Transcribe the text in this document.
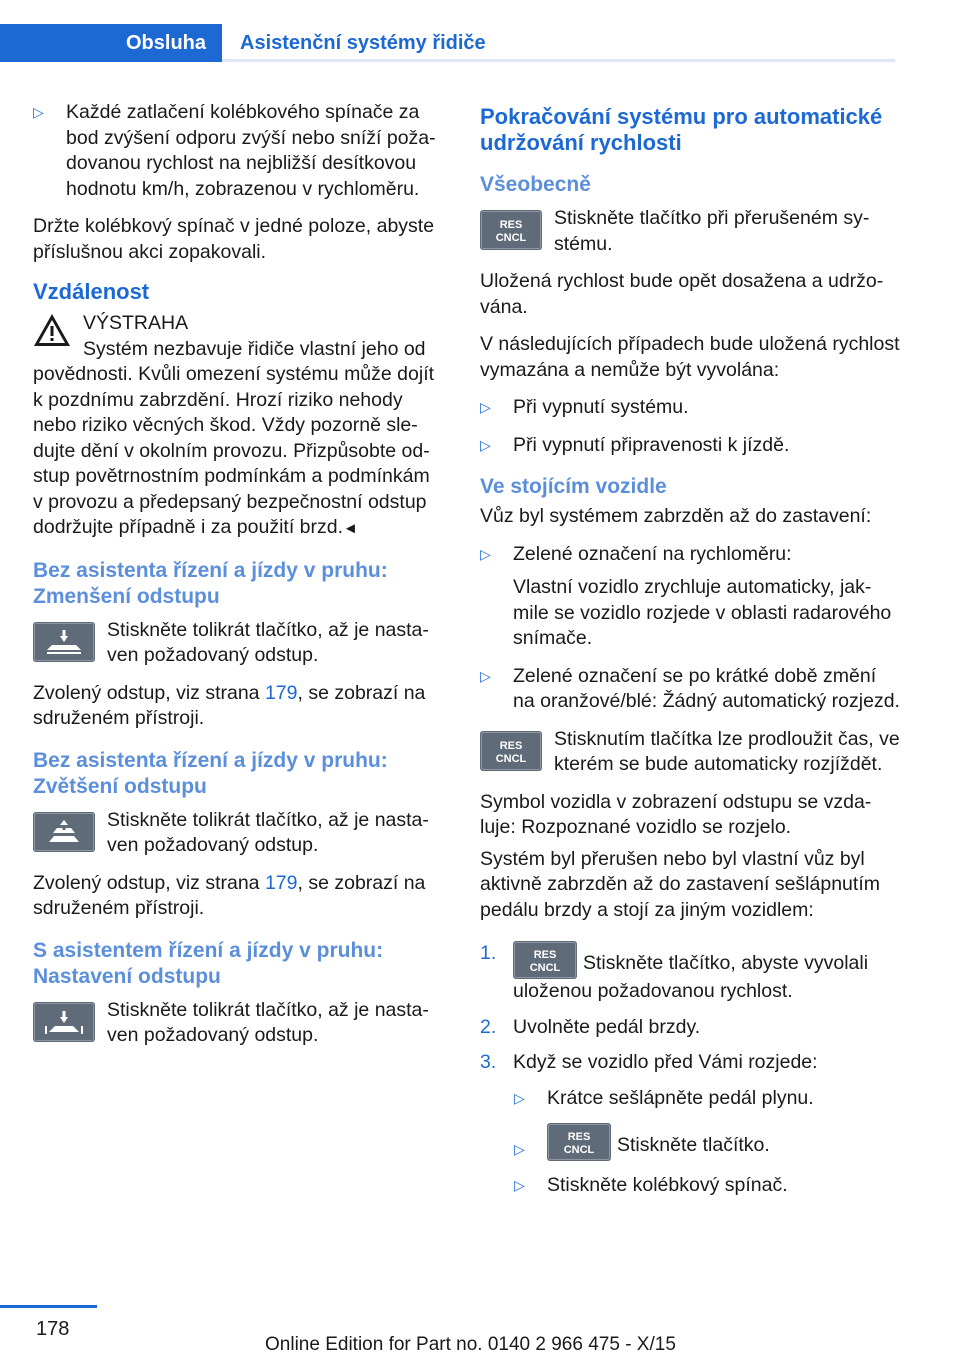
Obsluha	Asistenční systémy řidiče
▷ Každé zatlačení kolébkového spínače za bod zvýšení odporu zvýší nebo sníží požadovanou rychlost na nejbližší desítkovou hodnotu km/h, zobrazenou v rychloměru.

Držte kolébkový spínač v jedné poloze, abyste příslušnou akci zopakovali.

Vzdálenost
VÝSTRAHA
Systém nezbavuje řidiče vlastní jeho od
povědnosti. Kvůli omezení systému může dojít k pozdnímu zabrzdění. Hrozí riziko nehody nebo riziko věcných škod. Vždy pozorně sledujte dění v okolním provozu. Přizpůsobte odstup povětrnostním podmínkám a podmínkám v provozu a předepsaný bezpečnostní odstup dodržujte případně i za použití brzd.◄
Bez asistenta řízení a jízdy v pruhu: Zmenšení odstupu
Stiskněte tolikrát tlačítko, až je nastaven požadovaný odstup.

Zvolený odstup, viz strana 179, se zobrazí na sdruženém přístroji.

Bez asistenta řízení a jízdy v pruhu: Zvětšení odstupu
Stiskněte tolikrát tlačítko, až je nastaven požadovaný odstup.

Zvolený odstup, viz strana 179, se zobrazí na sdruženém přístroji.

S asistentem řízení a jízdy v pruhu: Nastavení odstupu
Stiskněte tolikrát tlačítko, až je nastaven požadovaný odstup.
Pokračování systému pro automatické udržování rychlosti
Všeobecně
RES
CNCL
Stiskněte tlačítko při přerušeném systému.

Uložená rychlost bude opět dosažena a udržována.

V následujících případech bude uložená rychlost vymazána a nemůže být vyvolána:

▷ Při vypnutí systému.
▷ Při vypnutí připravenosti k jízdě.
Ve stojícím vozidle

Vůz byl systémem zabrzděn až do zastavení:

▷ Zelené označení na rychloměru:
Vlastní vozidlo zrychluje automaticky, jakmile se vozidlo rozjede v oblasti radarového snímače.
▷ Zelené označení se po krátké době změní na oranžové/blé: Žádný automatický rozjezd.
RES
CNCL
Stisknutím tlačítka lze prodloužit čas, ve kterém se bude automaticky rozjíždět.

Symbol vozidla v zobrazení odstupu se vzdaluje: Rozpoznané vozidlo se rozjelo.

Systém byl přerušen nebo byl vlastní vůz byl aktivně zabrzděn až do zastavení sešlápnutím pedálu brzdy a stojí za jiným vozidlem:

1.	RES
CNCL Stiskněte tlačítko, abyste vyvolali uloženou požadovanou rychlost.
2. Uvolněte pedál brzdy.
3. Když se vozidlo před Vámi rozjede:
▷ Krátce sešlápněte pedál plynu.
▷
RES
CNCL Stiskněte tlačítko.
▷ Stiskněte kolébkový spínač.
178
Online Edition for Part no. 0140 2 966 475 - X/15
